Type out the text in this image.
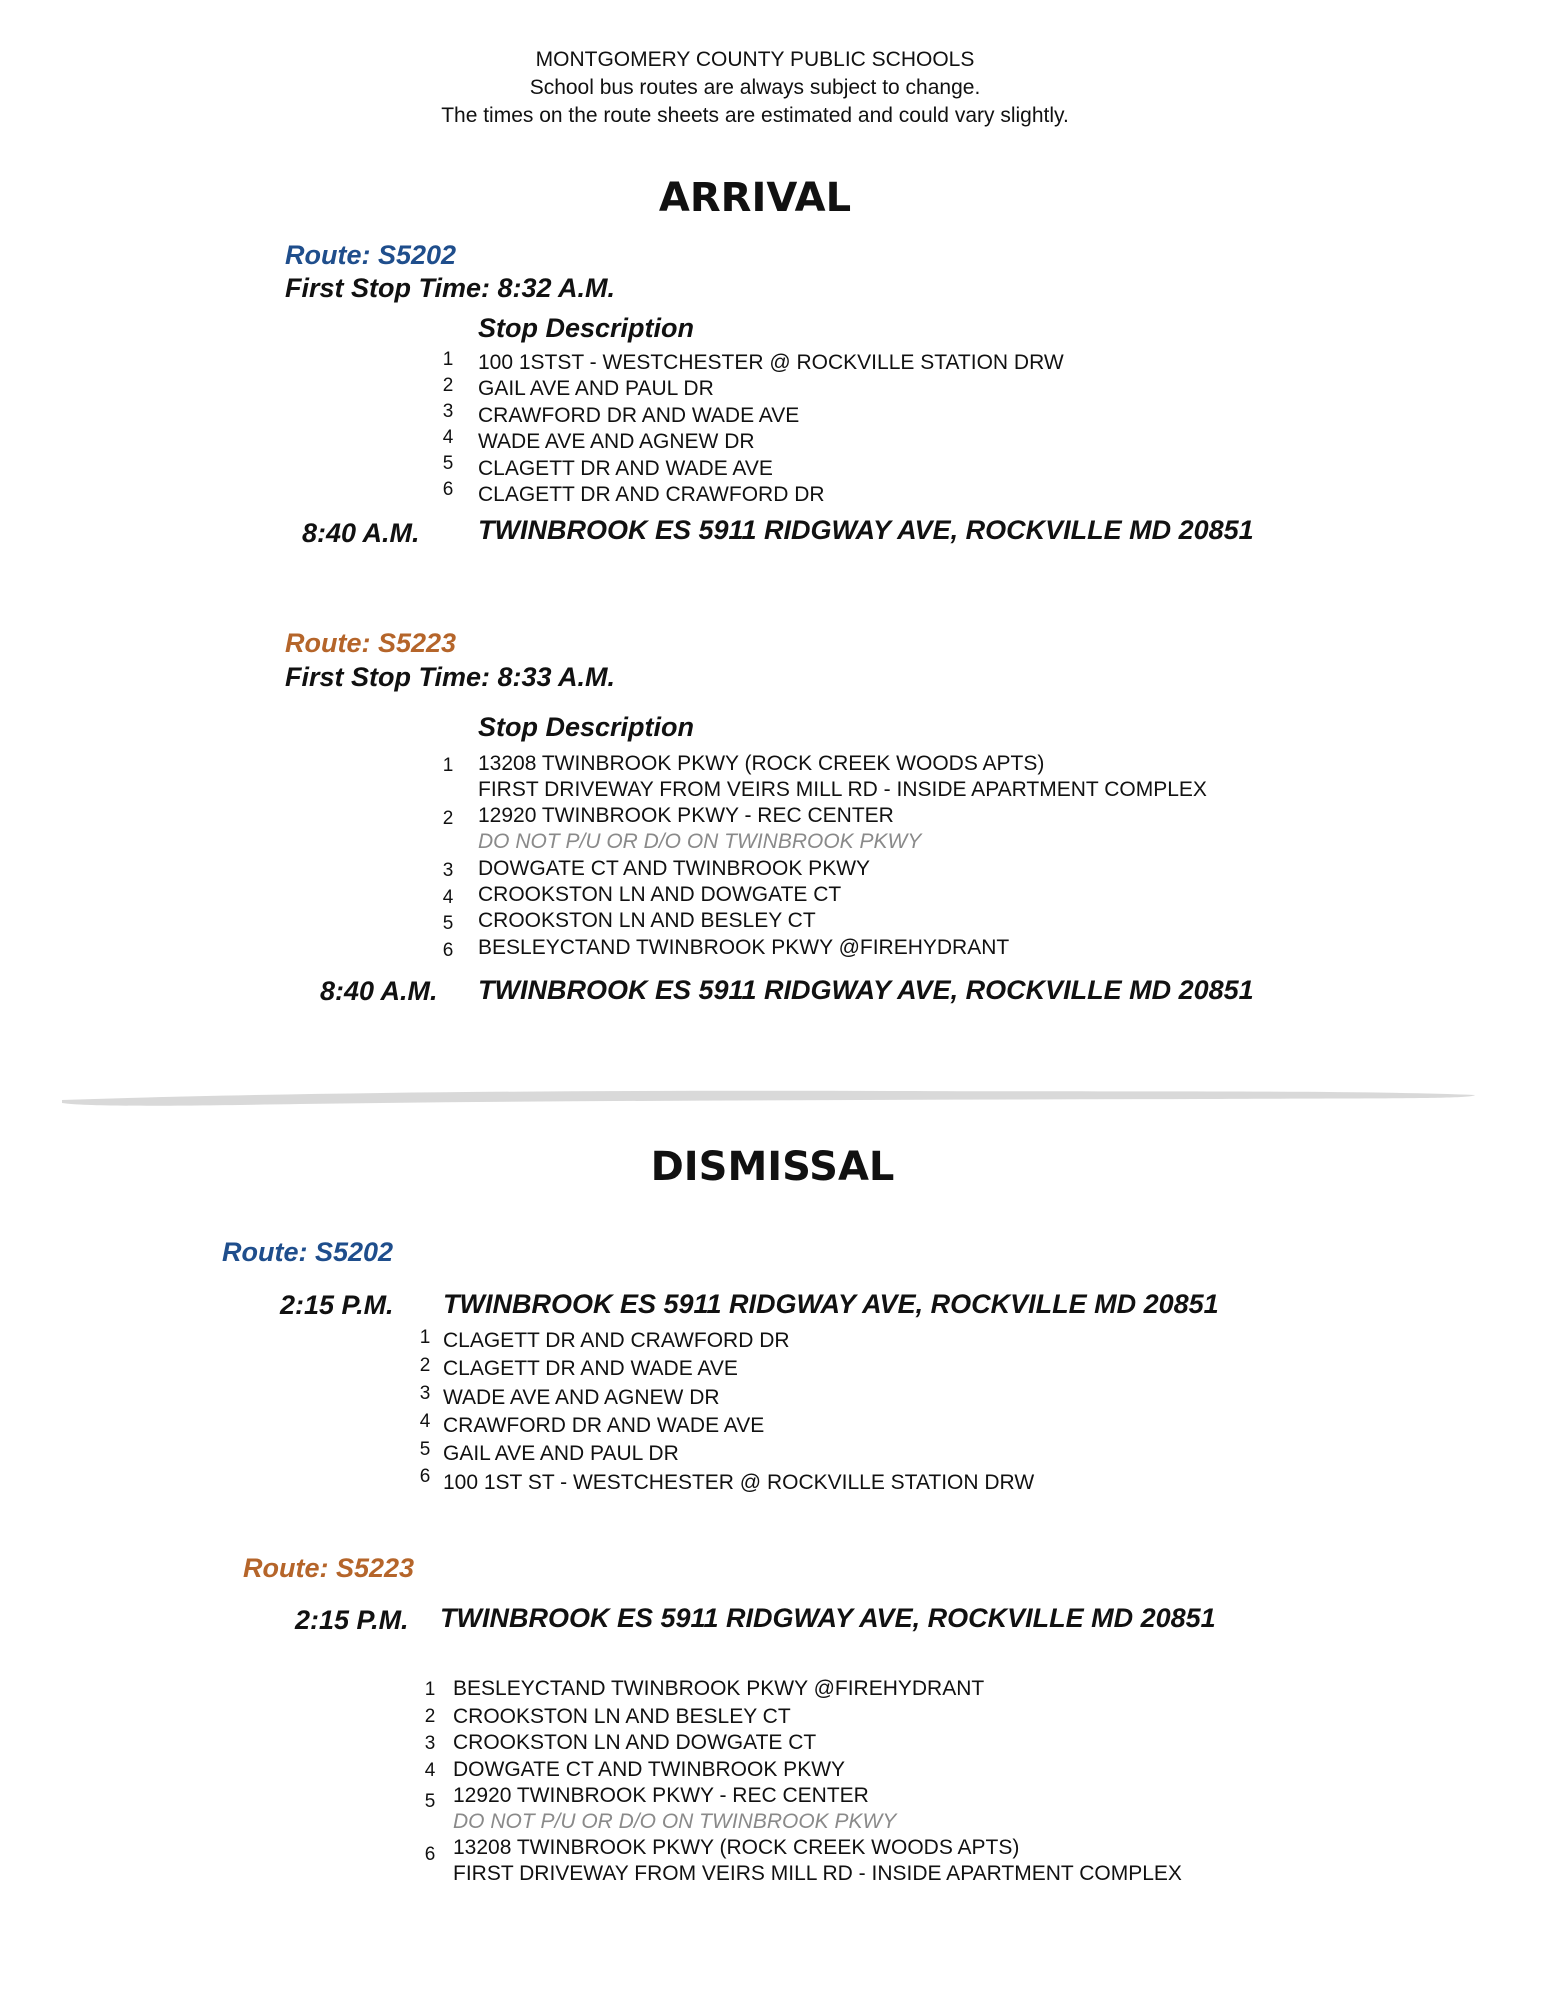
MONTGOMERY COUNTY PUBLIC SCHOOLS
School bus routes are always subject to change.
The times on the route sheets are estimated and could vary slightly.
ARRIVAL
Route: S5202
First Stop Time: 8:32 A.M.
Stop Description
1 100 1STST - WESTCHESTER @ ROCKVILLE STATION DRW
2 GAIL AVE AND PAUL DR
3 CRAWFORD DR AND WADE AVE
4 WADE AVE AND AGNEW DR
5 CLAGETT DR AND WADE AVE
6 CLAGETT DR AND CRAWFORD DR
8:40 A.M. TWINBROOK ES 5911 RIDGWAY AVE, ROCKVILLE MD 20851
Route: S5223
First Stop Time: 8:33 A.M.
Stop Description
1 13208 TWINBROOK PKWY (ROCK CREEK WOODS APTS)
FIRST DRIVEWAY FROM VEIRS MILL RD - INSIDE APARTMENT COMPLEX
2 12920 TWINBROOK PKWY - REC CENTER
DO NOT P/U OR D/O ON TWINBROOK PKWY
3 DOWGATE CT AND TWINBROOK PKWY
4 CROOKSTON LN AND DOWGATE CT
5 CROOKSTON LN AND BESLEY CT
6 BESLEYCTAND TWINBROOK PKWY @FIREHYDRANT
8:40 A.M. TWINBROOK ES 5911 RIDGWAY AVE, ROCKVILLE MD 20851
DISMISSAL
Route: S5202
2:15 P.M. TWINBROOK ES 5911 RIDGWAY AVE, ROCKVILLE MD 20851
1 CLAGETT DR AND CRAWFORD DR
2 CLAGETT DR AND WADE AVE
3 WADE AVE AND AGNEW DR
4 CRAWFORD DR AND WADE AVE
5 GAIL AVE AND PAUL DR
6 100 1ST ST - WESTCHESTER @ ROCKVILLE STATION DRW
Route: S5223
2:15 P.M. TWINBROOK ES 5911 RIDGWAY AVE, ROCKVILLE MD 20851
1 BESLEYCTAND TWINBROOK PKWY @FIREHYDRANT
2 CROOKSTON LN AND BESLEY CT
3 CROOKSTON LN AND DOWGATE CT
4 DOWGATE CT AND TWINBROOK PKWY
5 12920 TWINBROOK PKWY - REC CENTER
DO NOT P/U OR D/O ON TWINBROOK PKWY
6 13208 TWINBROOK PKWY (ROCK CREEK WOODS APTS)
FIRST DRIVEWAY FROM VEIRS MILL RD - INSIDE APARTMENT COMPLEX
